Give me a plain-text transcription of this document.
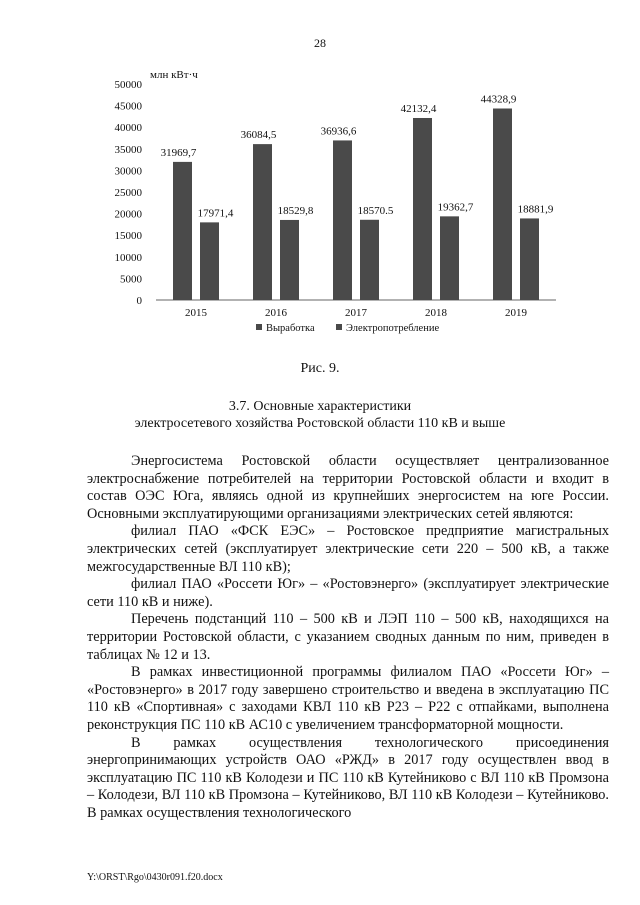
28
0
5000
10000
15000
20000
25000
30000
35000
40000
45000
50000
млн кВт·ч
31969,7
17971,4
36084,5
18529,8
36936,6
18570.5
42132,4
19362,7
44328,9
18881,9
2015	2016	2017	2018	2019
Выработка	Электропотребление
Рис. 9.
3.7. Основные характеристики
электросетевого хозяйства Ростовской области 110 кВ и выше

Энергосистема Ростовской области осуществляет централизованное электроснабжение потребителей на территории Ростовской области и входит в состав ОЭС Юга, являясь одной из крупнейших энергосистем на юге России. Основными эксплуатирующими организациями электрических сетей являются:

филиал ПАО «ФСК ЕЭС» – Ростовское предприятие магистральных электрических сетей (эксплуатирует электрические сети 220 – 500 кВ, а также межгосударственные ВЛ 110 кВ);

филиал ПАО «Россети Юг» – «Ростовэнерго» (эксплуатирует электрические сети 110 кВ и ниже).

Перечень подстанций 110 – 500 кВ и ЛЭП 110 – 500 кВ, находящихся на территории Ростовской области, с указанием сводных данным по ним, приведен в таблицах № 12 и 13.

В рамках инвестиционной программы филиалом ПАО «Россети Юг» – «Ростовэнерго» в 2017 году завершено строительство и введена в эксплуатацию ПС 110 кВ «Спортивная» с заходами КВЛ 110 кВ Р23 – Р22 с отпайками, выполнена реконструкция ПС 110 кВ АС10 с увеличением трансформаторной мощности.

В рамках осуществления технологического присоединения энергопринимающих устройств ОАО «РЖД» в 2017 году осуществлен ввод в эксплуатацию ПС 110 кВ Колодези и ПС 110 кВ Кутейниково с ВЛ 110 кВ Промзона – Колодези, ВЛ 110 кВ Промзона – Кутейниково, ВЛ 110 кВ Колодези – Кутейниково. В рамках осуществления технологического

Y:\ORST\Rgo\0430r091.f20.docx
